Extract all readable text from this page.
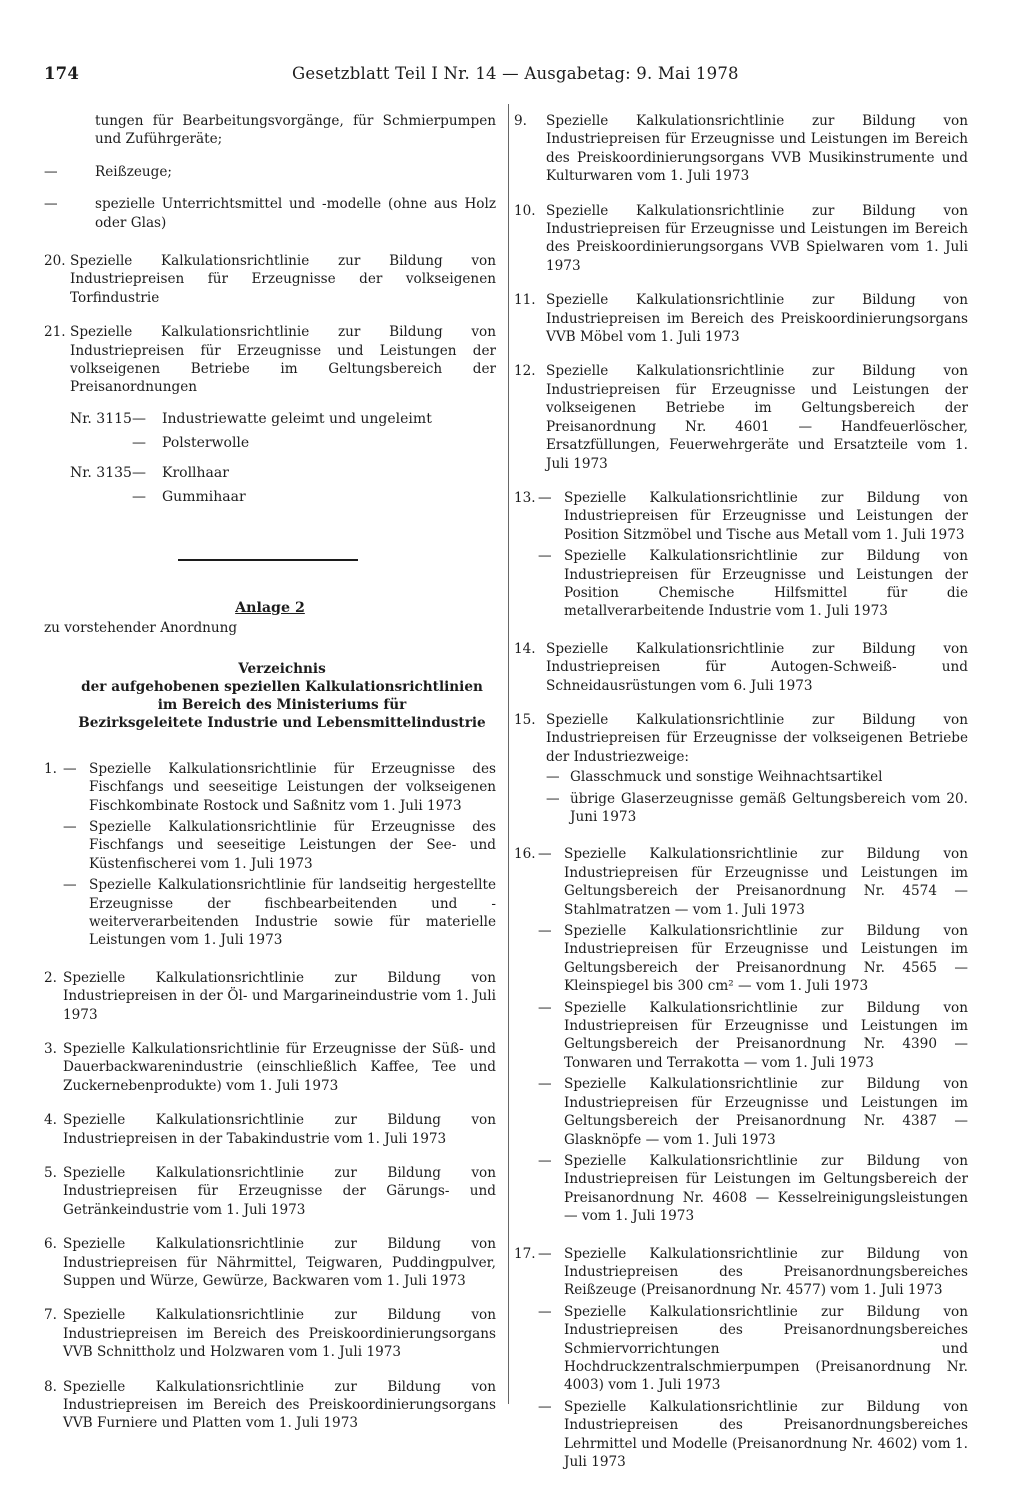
174	Gesetzblatt Teil I Nr. 14 — Ausgabetag: 9. Mai 1978
tungen für Bearbeitungsvorgänge, für Schmierpumpen und Zuführgeräte;
—	Reißzeuge;
—	spezielle Unterrichtsmittel und -modelle (ohne aus Holz oder Glas)
20. Spezielle Kalkulationsrichtlinie zur Bildung von Industriepreisen für Erzeugnisse der volkseigenen Torfindustrie
21. Spezielle Kalkulationsrichtlinie zur Bildung von Industriepreisen für Erzeugnisse und Leistungen der volkseigenen Betriebe im Geltungsbereich der Preisanordnungen
Nr. 3115 —	Industriewatte geleimt und ungeleimt
—	Polsterwolle
Nr. 3135 —	Krollhaar
—	Gummihaar
Anlage 2
zu vorstehender Anordnung
Verzeichnis
der aufgehobenen speziellen Kalkulationsrichtlinien
im Bereich des Ministeriums für
Bezirksgeleitete Industrie und Lebensmittelindustrie
1. — Spezielle Kalkulationsrichtlinie für Erzeugnisse des Fischfangs und seeseitige Leistungen der volkseigenen Fischkombinate Rostock und Saßnitz vom 1. Juli 1973
— Spezielle Kalkulationsrichtlinie für Erzeugnisse des Fischfangs und seeseitige Leistungen der See- und Küstenfischerei vom 1. Juli 1973
— Spezielle Kalkulationsrichtlinie für landseitig hergestellte Erzeugnisse der fischbearbeitenden und -weiterverarbeitenden Industrie sowie für materielle Leistungen vom 1. Juli 1973
2. Spezielle Kalkulationsrichtlinie zur Bildung von Industriepreisen in der Öl- und Margarineindustrie vom 1. Juli 1973
3. Spezielle Kalkulationsrichtlinie für Erzeugnisse der Süß- und Dauerbackwarenindustrie (einschließlich Kaffee, Tee und Zuckernebenprodukte) vom 1. Juli 1973
4. Spezielle Kalkulationsrichtlinie zur Bildung von Industriepreisen in der Tabakindustrie vom 1. Juli 1973
5. Spezielle Kalkulationsrichtlinie zur Bildung von Industriepreisen für Erzeugnisse der Gärungs- und Getränkeindustrie vom 1. Juli 1973
6. Spezielle Kalkulationsrichtlinie zur Bildung von Industriepreisen für Nährmittel, Teigwaren, Puddingpulver, Suppen und Würze, Gewürze, Backwaren vom 1. Juli 1973
7. Spezielle Kalkulationsrichtlinie zur Bildung von Industriepreisen im Bereich des Preiskoordinierungsorgans VVB Schnittholz und Holzwaren vom 1. Juli 1973
8. Spezielle Kalkulationsrichtlinie zur Bildung von Industriepreisen im Bereich des Preiskoordinierungsorgans VVB Furniere und Platten vom 1. Juli 1973
9.	Spezielle Kalkulationsrichtlinie zur Bildung von Industriepreisen für Erzeugnisse und Leistungen im Bereich des Preiskoordinierungsorgans VVB Musikinstrumente und Kulturwaren vom 1. Juli 1973
10. Spezielle Kalkulationsrichtlinie zur Bildung von Industriepreisen für Erzeugnisse und Leistungen im Bereich des Preiskoordinierungsorgans VVB Spielwaren vom 1. Juli 1973
11. Spezielle Kalkulationsrichtlinie zur Bildung von Industriepreisen im Bereich des Preiskoordinierungsorgans VVB Möbel vom 1. Juli 1973
12. Spezielle Kalkulationsrichtlinie zur Bildung von Industriepreisen für Erzeugnisse und Leistungen der volkseigenen Betriebe im Geltungsbereich der Preisanordnung Nr. 4601 — Handfeuerlöscher, Ersatzfüllungen, Feuerwehrgeräte und Ersatzteile vom 1. Juli 1973
13. — Spezielle Kalkulationsrichtlinie zur Bildung von Industriepreisen für Erzeugnisse und Leistungen der Position Sitzmöbel und Tische aus Metall vom 1. Juli 1973
— Spezielle Kalkulationsrichtlinie zur Bildung von Industriepreisen für Erzeugnisse und Leistungen der Position Chemische Hilfsmittel für die metallverarbeitende Industrie vom 1. Juli 1973
14. Spezielle Kalkulationsrichtlinie zur Bildung von Industriepreisen für Autogen-Schweiß- und Schneidausrüstungen vom 6. Juli 1973
15. Spezielle Kalkulationsrichtlinie zur Bildung von Industriepreisen für Erzeugnisse der volkseigenen Betriebe der Industriezweige:
— Glasschmuck und sonstige Weihnachtsartikel
— übrige Glaserzeugnisse gemäß Geltungsbereich vom 20. Juni 1973
16. — Spezielle Kalkulationsrichtlinie zur Bildung von Industriepreisen für Erzeugnisse und Leistungen im Geltungsbereich der Preisanordnung Nr. 4574 — Stahlmatratzen — vom 1. Juli 1973
— Spezielle Kalkulationsrichtlinie zur Bildung von Industriepreisen für Erzeugnisse und Leistungen im Geltungsbereich der Preisanordnung Nr. 4565 — Kleinspiegel bis 300 cm² — vom 1. Juli 1973
— Spezielle Kalkulationsrichtlinie zur Bildung von Industriepreisen für Erzeugnisse und Leistungen im Geltungsbereich der Preisanordnung Nr. 4390 — Tonwaren und Terrakotta — vom 1. Juli 1973
— Spezielle Kalkulationsrichtlinie zur Bildung von Industriepreisen für Erzeugnisse und Leistungen im Geltungsbereich der Preisanordnung Nr. 4387 — Glasknöpfe — vom 1. Juli 1973
— Spezielle Kalkulationsrichtlinie zur Bildung von Industriepreisen für Leistungen im Geltungsbereich der Preisanordnung Nr. 4608 — Kesselreinigungsleistungen — vom 1. Juli 1973
17. — Spezielle Kalkulationsrichtlinie zur Bildung von Industriepreisen des Preisanordnungsbereiches Reißzeuge (Preisanordnung Nr. 4577) vom 1. Juli 1973
— Spezielle Kalkulationsrichtlinie zur Bildung von Industriepreisen des Preisanordnungsbereiches Schmiervorrichtungen und Hochdruckzentralschmierpumpen (Preisanordnung Nr. 4003) vom 1. Juli 1973
— Spezielle Kalkulationsrichtlinie zur Bildung von Industriepreisen des Preisanordnungsbereiches Lehrmittel und Modelle (Preisanordnung Nr. 4602) vom 1. Juli 1973
